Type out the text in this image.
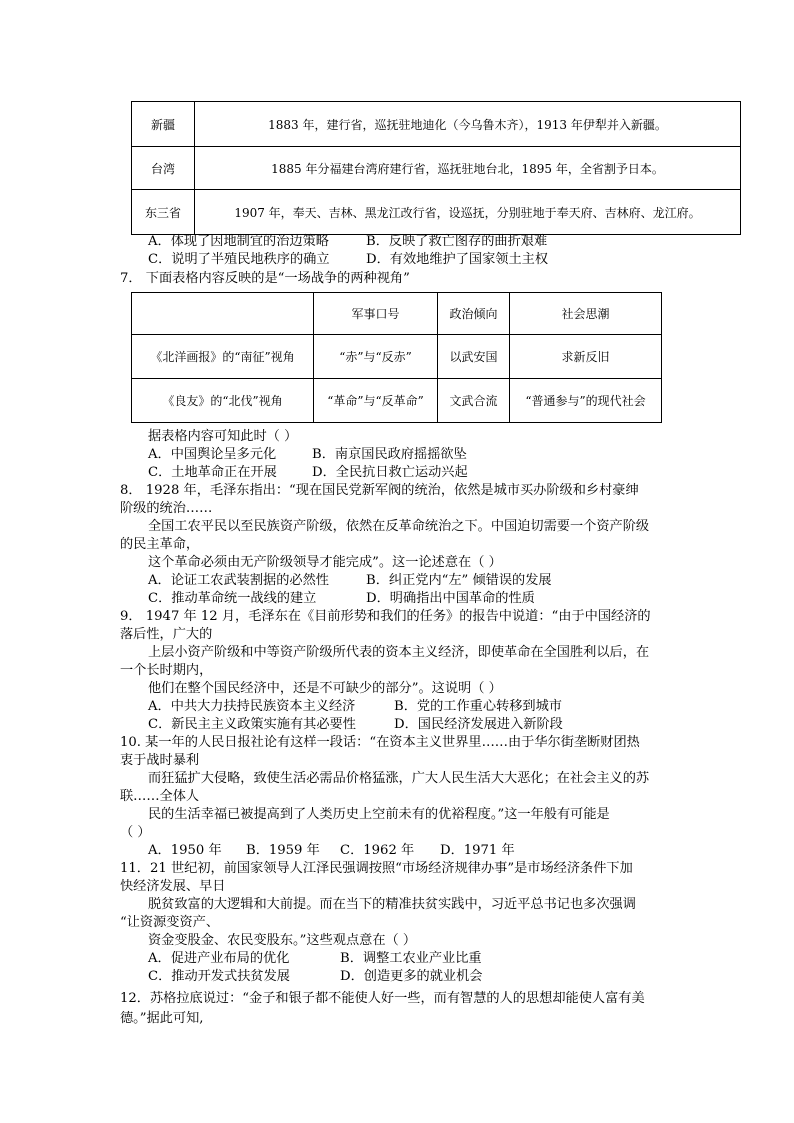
新疆	1883 年，建行省，巡抚驻地迪化（今乌鲁木齐），1913 年伊犁并入新疆。
台湾	1885 年分福建台湾府建行省，巡抚驻地台北，1895 年，全省割予日本。
东三省	1907 年，奉天、吉林、黑龙江改行省，设巡抚，分别驻地于奉天府、吉林府、龙江府。
A．体现了因地制宜的治边策略	B．反映了救亡图存的曲折艰难
C．说明了半殖民地秩序的确立	D．有效地维护了国家领土主权
7． 下面表格内容反映的是“一场战争的两种视角”
	军事口号	政治倾向	社会思潮
《北洋画报》的“南征”视角	“赤”与“反赤”	以武安国	求新反旧
《良友》的“北伐”视角	“革命”与“反革命”	文武合流	“普通参与”的现代社会
据表格内容可知此时（ ）
A．中国舆论呈多元化	B．南京国民政府摇摇欲坠
C．土地革命正在开展	D．全民抗日救亡运动兴起
8． 1928 年，毛泽东指出：“现在国民党新军阀的统治，依然是城市买办阶级和乡村豪绅
阶级的统治……
全国工农平民以至民族资产阶级，依然在反革命统治之下。中国迫切需要一个资产阶级
的民主革命，
这个革命必须由无产阶级领导才能完成”。这一论述意在（ ）
A．论证工农武装割据的必然性	B．纠正党内“左” 倾错误的发展
C．推动革命统一战线的建立	D．明确指出中国革命的性质
9． 1947 年 12 月，毛泽东在《目前形势和我们的任务》的报告中说道：“由于中国经济的
落后性，广大的
上层小资产阶级和中等资产阶级所代表的资本主义经济，即使革命在全国胜利以后，在
一个长时期内，
他们在整个国民经济中，还是不可缺少的部分”。这说明（ ）
A．中共大力扶持民族资本主义经济	B．党的工作重心转移到城市
C．新民主主义政策实施有其必要性	D．国民经济发展进入新阶段
10. 某一年的人民日报社论有这样一段话：“在资本主义世界里……由于华尔街垄断财团热
衷于战时暴利
而狂猛扩大侵略，致使生活必需品价格猛涨，广大人民生活大大恶化；在社会主义的苏
联……全体人
民的生活幸福已被提高到了人类历史上空前未有的优裕程度。”这一年般有可能是
（ ）
A．1950 年 B．1959 年 C．1962 年 D．1971 年
11．21 世纪初，前国家领导人江泽民强调按照“市场经济规律办事”是市场经济条件下加
快经济发展、早日
脱贫致富的大逻辑和大前提。而在当下的精准扶贫实践中，习近平总书记也多次强调
“让资源变资产、
资金变股金、农民变股东。”这些观点意在（ ）
A．促进产业布局的优化	B．调整工农业产业比重
C．推动开发式扶贫发展	D．创造更多的就业机会
12．苏格拉底说过：“金子和银子都不能使人好一些，而有智慧的人的思想却能使人富有美
德。”据此可知,
